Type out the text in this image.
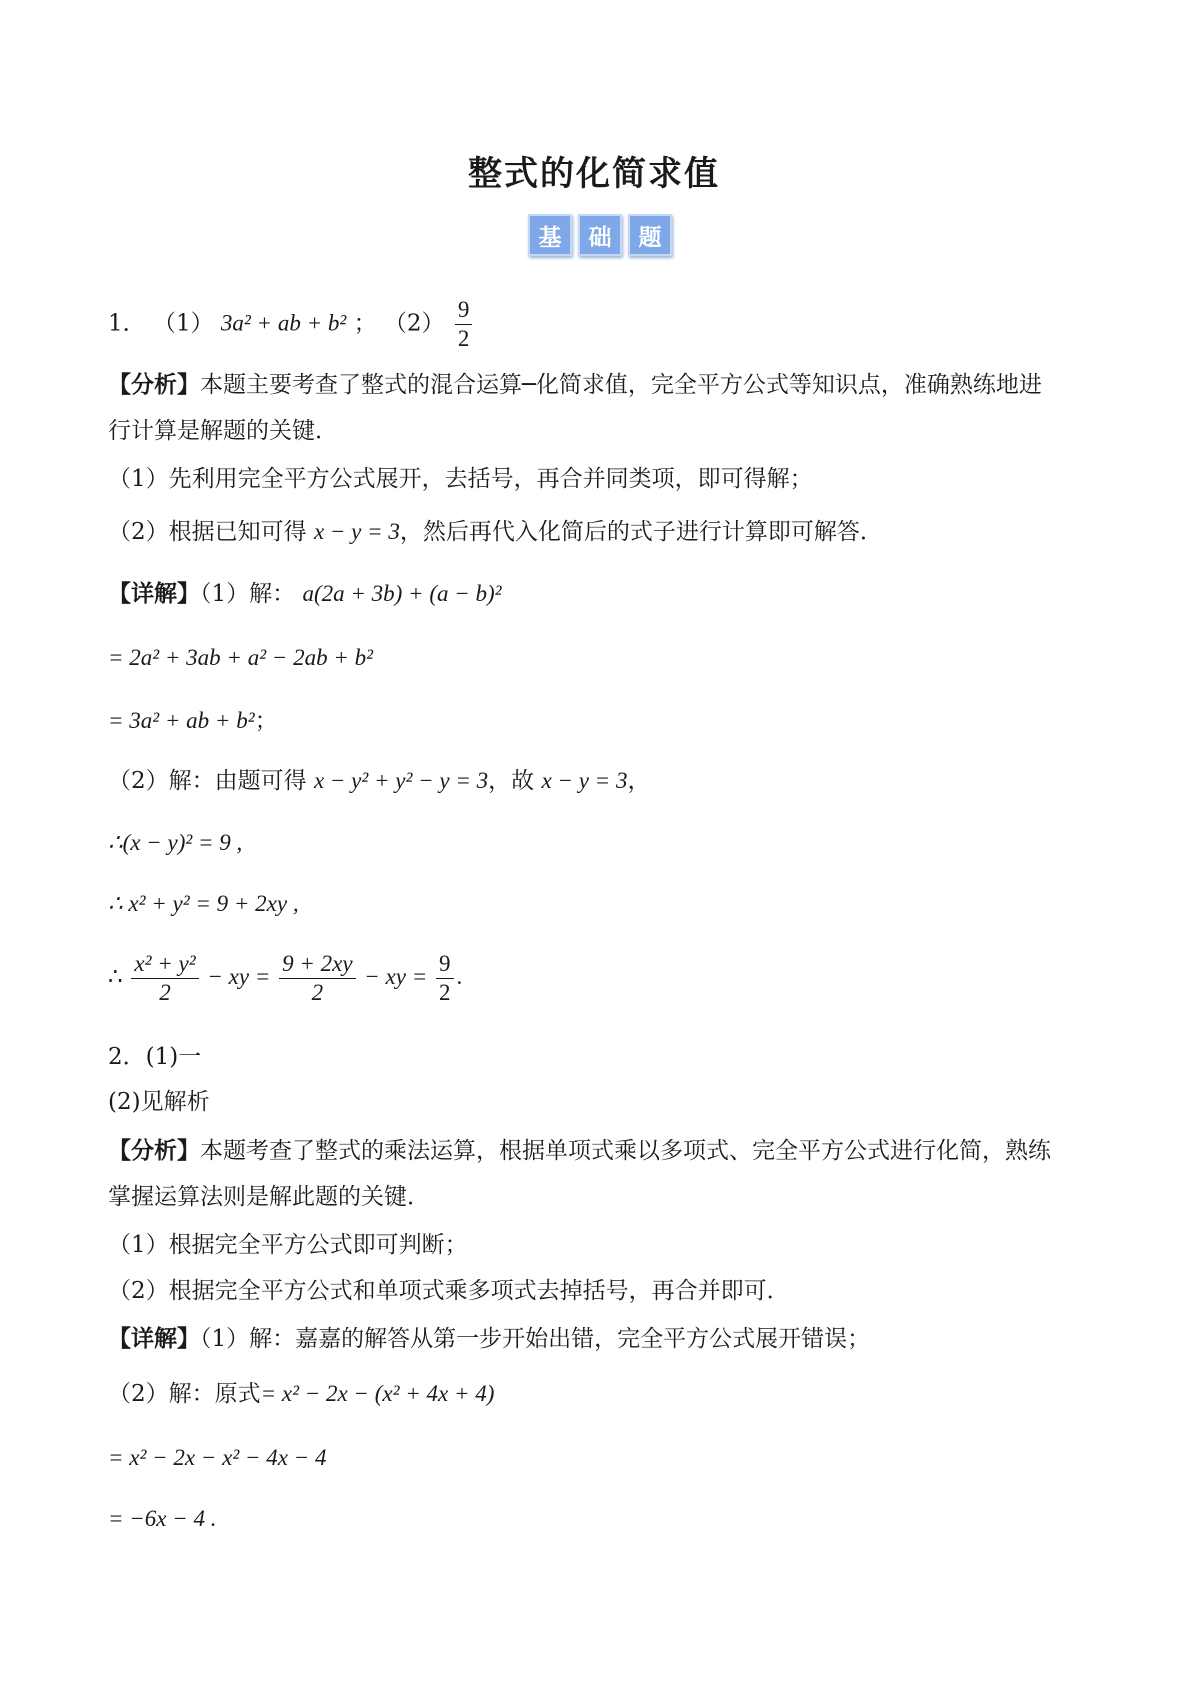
整式的化简求值
基	础	题
1． （1） 3a² + ab + b² ； $(2) \frac{9}{2}$
【分析】本题主要考查了整式的混合运算─化简求值，完全平方公式等知识点，准确熟练地进
行计算是解题的关键．
（1）先利用完全平方公式展开，去括号，再合并同类项，即可得解；
（2）根据已知可得 x − y = 3，然后再代入化简后的式子进行计算即可解答．
【详解】（1）解： a(2a + 3b) + (a − b)²
= 2a² + 3ab + a² − 2ab + b²
= 3a² + ab + b²；
（2）解：由题可得 x − y² + y² − y = 3，故 x − y = 3，
∴(x − y)² = 9 ,
∴ x² + y² = 9 + 2xy ,
∴ $\frac{\text{x² + y²}}{2}$ − xy = $\frac{9 + 2xy}{2}$ − xy = $\frac{9}{2}$ .
2．(1)一
(2)见解析
【分析】本题考查了整式的乘法运算，根据单项式乘以多项式、完全平方公式进行化简，熟练
掌握运算法则是解此题的关键．
（1）根据完全平方公式即可判断；
（2）根据完全平方公式和单项式乘多项式去掉括号，再合并即可．
【详解】（1）解：嘉嘉的解答从第一步开始出错，完全平方公式展开错误；
（2）解：原式= x² − 2x − (x² + 4x + 4)
= x² − 2x − x² − 4x − 4
= −6x − 4 .
